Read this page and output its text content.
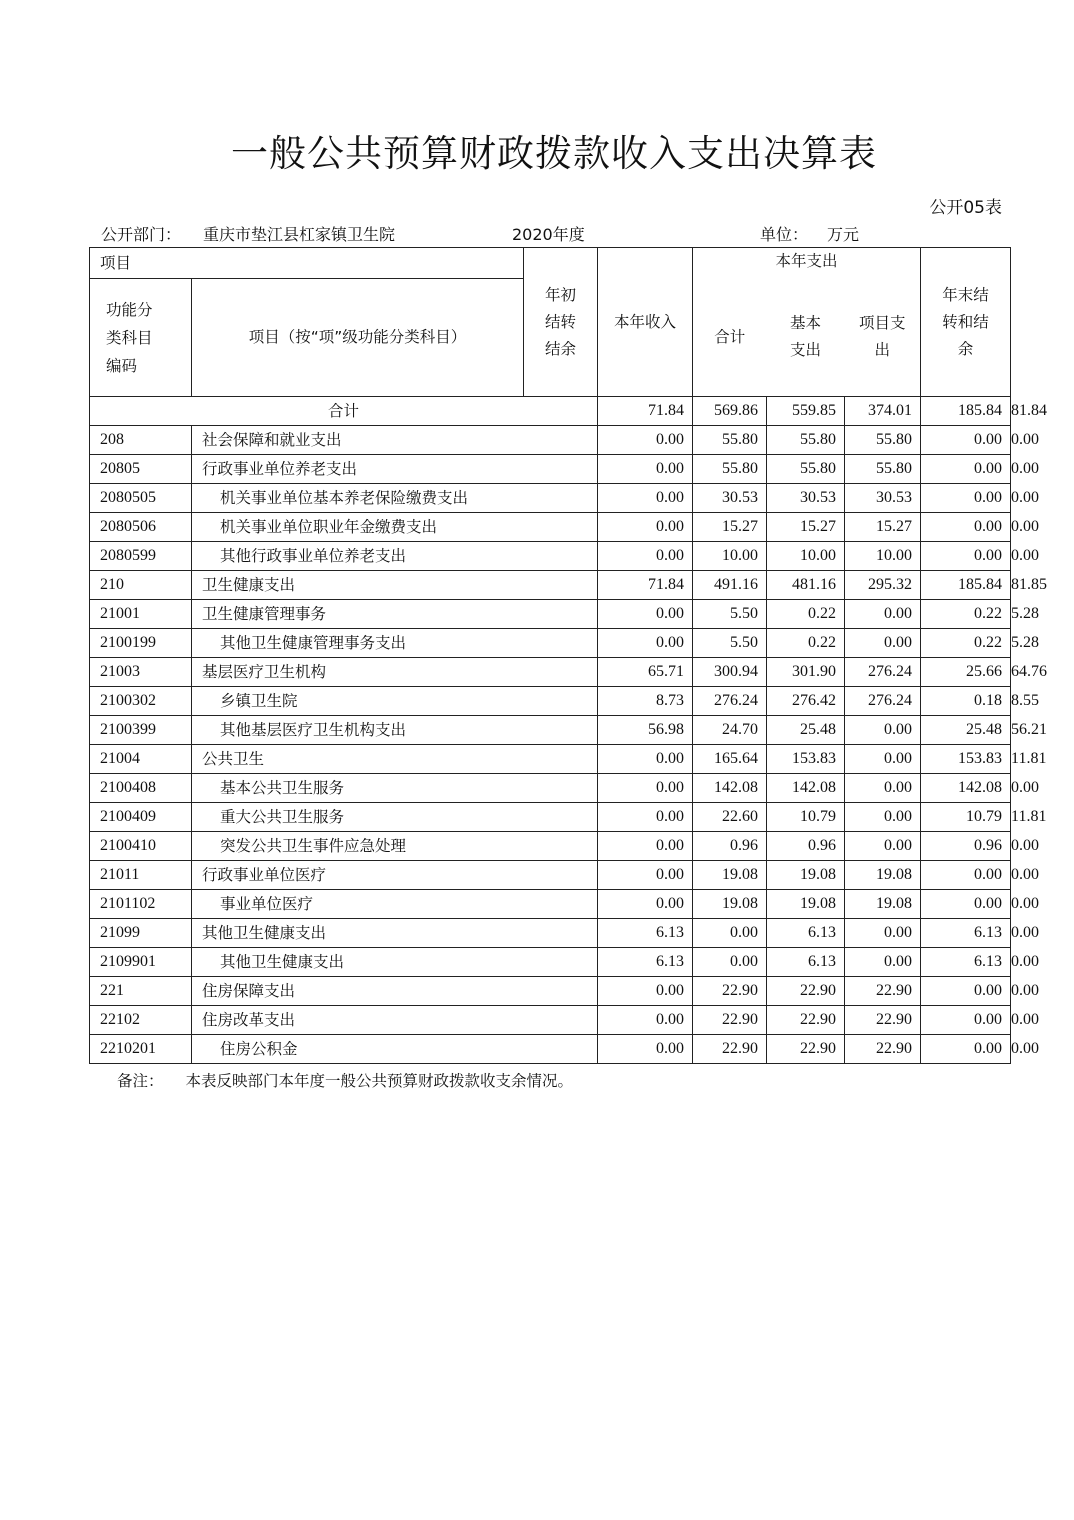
一般公共预算财政拨款收入支出决算表
公开05表
公开部门： 重庆市垫江县杠家镇卫生院	2020年度	单位： 万元
项目		年初结转结余	本年收入	本年支出			年末结转和结余	
功能分类科目编码	项目（按“项”级功能分类科目）			合计	基本支出	项目支出		
合计			71.84	569.86	559.85	374.01	185.84	81.84
208	社会保障和就业支出		0.00	55.80	55.80	55.80	0.00	0.00
20805	行政事业单位养老支出		0.00	55.80	55.80	55.80	0.00	0.00
2080505	机关事业单位基本养老保险缴费支出		0.00	30.53	30.53	30.53	0.00	0.00
2080506	机关事业单位职业年金缴费支出		0.00	15.27	15.27	15.27	0.00	0.00
2080599	其他行政事业单位养老支出		0.00	10.00	10.00	10.00	0.00	0.00
210	卫生健康支出		71.84	491.16	481.16	295.32	185.84	81.85
21001	卫生健康管理事务		0.00	5.50	0.22	0.00	0.22	5.28
2100199	其他卫生健康管理事务支出		0.00	5.50	0.22	0.00	0.22	5.28
21003	基层医疗卫生机构		65.71	300.94	301.90	276.24	25.66	64.76
2100302	乡镇卫生院		8.73	276.24	276.42	276.24	0.18	8.55
2100399	其他基层医疗卫生机构支出		56.98	24.70	25.48	0.00	25.48	56.21
21004	公共卫生		0.00	165.64	153.83	0.00	153.83	11.81
2100408	基本公共卫生服务		0.00	142.08	142.08	0.00	142.08	0.00
2100409	重大公共卫生服务		0.00	22.60	10.79	0.00	10.79	11.81
2100410	突发公共卫生事件应急处理		0.00	0.96	0.96	0.00	0.96	0.00
21011	行政事业单位医疗		0.00	19.08	19.08	19.08	0.00	0.00
2101102	事业单位医疗		0.00	19.08	19.08	19.08	0.00	0.00
21099	其他卫生健康支出		6.13	0.00	6.13	0.00	6.13	0.00
2109901	其他卫生健康支出		6.13	0.00	6.13	0.00	6.13	0.00
221	住房保障支出		0.00	22.90	22.90	22.90	0.00	0.00
22102	住房改革支出		0.00	22.90	22.90	22.90	0.00	0.00
2210201	住房公积金		0.00	22.90	22.90	22.90	0.00	0.00
备注： 本表反映部门本年度一般公共预算财政拨款收支余情况。
